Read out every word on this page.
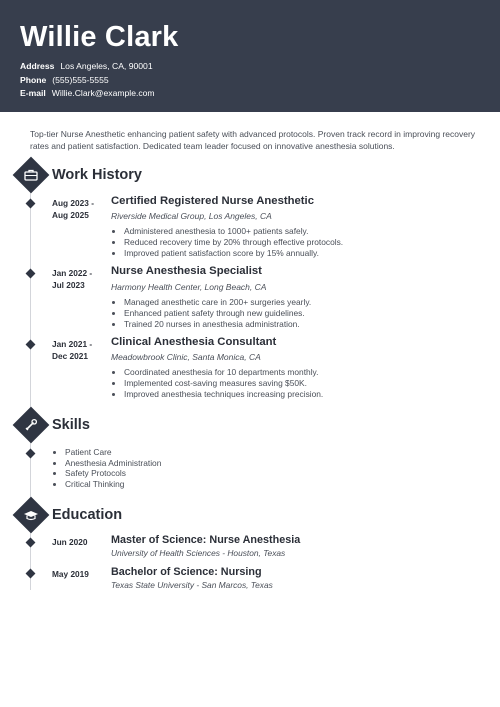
Willie Clark
Address Los Angeles, CA, 90001
Phone (555)555-5555
E-mail Willie.Clark@example.com
Top-tier Nurse Anesthetic enhancing patient safety with advanced protocols. Proven track record in improving recovery rates and patient satisfaction. Dedicated team leader focused on innovative anesthesia solutions.
Work History
Aug 2023 -
Aug 2025
Certified Registered Nurse Anesthetic
Riverside Medical Group, Los Angeles, CA
• Administered anesthesia to 1000+ patients safely.
• Reduced recovery time by 20% through effective protocols.
• Improved patient satisfaction score by 15% annually.
Jan 2022 -
Jul 2023
Nurse Anesthesia Specialist
Harmony Health Center, Long Beach, CA
• Managed anesthetic care in 200+ surgeries yearly.
• Enhanced patient safety through new guidelines.
• Trained 20 nurses in anesthesia administration.
Jan 2021 -
Dec 2021
Clinical Anesthesia Consultant
Meadowbrook Clinic, Santa Monica, CA
• Coordinated anesthesia for 10 departments monthly.
• Implemented cost-saving measures saving $50K.
• Improved anesthesia techniques increasing precision.
Skills
• Patient Care
• Anesthesia Administration
• Safety Protocols
• Critical Thinking
Education
Jun 2020	Master of Science: Nurse Anesthesia
University of Health Sciences - Houston, Texas
May 2019	Bachelor of Science: Nursing
Texas State University - San Marcos, Texas
